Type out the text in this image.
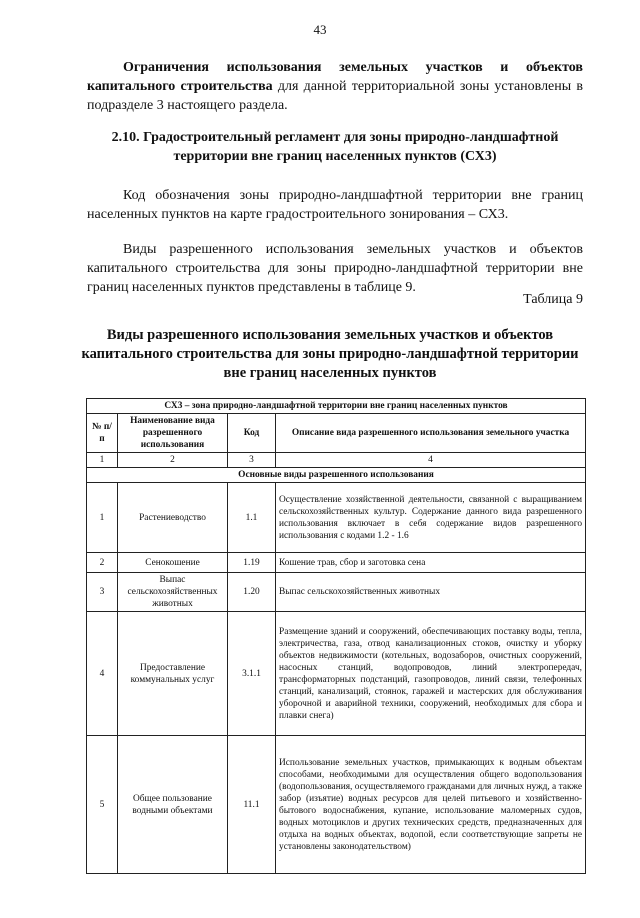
43
Ограничения использования земельных участков и объектов капитального строительства для данной территориальной зоны установлены в подразделе 3 настоящего раздела.
2.10. Градостроительный регламент для зоны природно-ландшафтной территории вне границ населенных пунктов (СХ3)
Код обозначения зоны природно-ландшафтной территории вне границ населенных пунктов на карте градостроительного зонирования – СХ3.
Виды разрешенного использования земельных участков и объектов капитального строительства для зоны природно-ландшафтной территории вне границ населенных пунктов представлены в таблице 9.
Таблица 9
Виды разрешенного использования земельных участков и объектов капитального строительства для зоны природно-ландшафтной территории вне границ населенных пунктов
СХ3 – зона природно-ландшафтной территории вне границ населенных пунктов			
№ п/п	Наименование вида разрешенного использования	Код	Описание вида разрешенного использования земельного участка
1	2	3	4
Основные виды разрешенного использования			
1	Растениеводство	1.1	Осуществление хозяйственной деятельности, связанной с выращиванием сельскохозяйственных культур. Содержание данного вида разрешенного использования включает в себя содержание видов разрешенного использования с кодами 1.2 - 1.6
2	Сенокошение	1.19	Кошение трав, сбор и заготовка сена
3	Выпас сельскохозяйственных животных	1.20	Выпас сельскохозяйственных животных
4	Предоставление коммунальных услуг	3.1.1	Размещение зданий и сооружений, обеспечивающих поставку воды, тепла, электричества, газа, отвод канализационных стоков, очистку и уборку объектов недвижимости (котельных, водозаборов, очистных сооружений, насосных станций, водопроводов, линий электропередач, трансформаторных подстанций, газопроводов, линий связи, телефонных станций, канализаций, стоянок, гаражей и мастерских для обслуживания уборочной и аварийной техники, сооружений, необходимых для сбора и плавки снега)
5	Общее пользование водными объектами	11.1	Использование земельных участков, примыкающих к водным объектам способами, необходимыми для осуществления общего водопользования (водопользования, осуществляемого гражданами для личных нужд, а также забор (изъятие) водных ресурсов для целей питьевого и хозяйственно-бытового водоснабжения, купание, использование маломерных судов, водных мотоциклов и других технических средств, предназначенных для отдыха на водных объектах, водопой, если соответствующие запреты не установлены законодательством)
